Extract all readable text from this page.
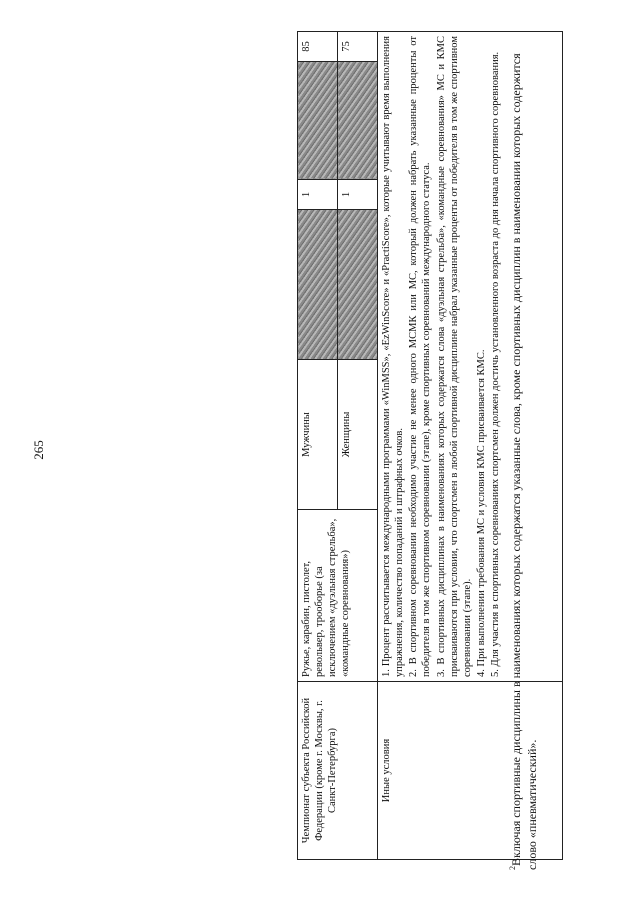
265
Чемпионат субъекта Российской Федерации (кроме г. Москвы, г. Санкт-Петербурга)	Ружье, карабин, пистолет, револьвер, трооборье (за исключением «дуэльная стрельба», «командные соревнования»)	Мужчины		1		85
		Женщины		1		75
Иные условия	1. Процент рассчитывается международными программами «WinMSS», «EzWinScore» и «PractiScore», которые учитывают время выполнения упражнения, количество попаданий и штрафных очков. 2. В спортивном соревновании необходимо участие не менее одного МСМК или МС, который должен набрать указанные проценты от победителя в том же спортивном соревновании (этапе), кроме спортивных соревнований международного статуса. 3. В спортивных дисциплинах в наименованиях которых содержатся слова «дуэльная стрельба», «командные соревнования» МС и КМС присваиваются при условии, что спортсмен в любой спортивной дисциплине набрал указанные проценты от победителя в том же спортивном соревновании (этапе). 4. При выполнении требования МС и условия КМС присваивается КМС. 5. Для участия в спортивных соревнованиях спортсмен должен достичь установленного возраста до дня начала спортивного соревнования.					

$^2$Включая спортивные дисциплины в наименованиях которых содержатся указанные слова, кроме спортивных дисциплин в наименовании которых содержится слово «пневматический».
